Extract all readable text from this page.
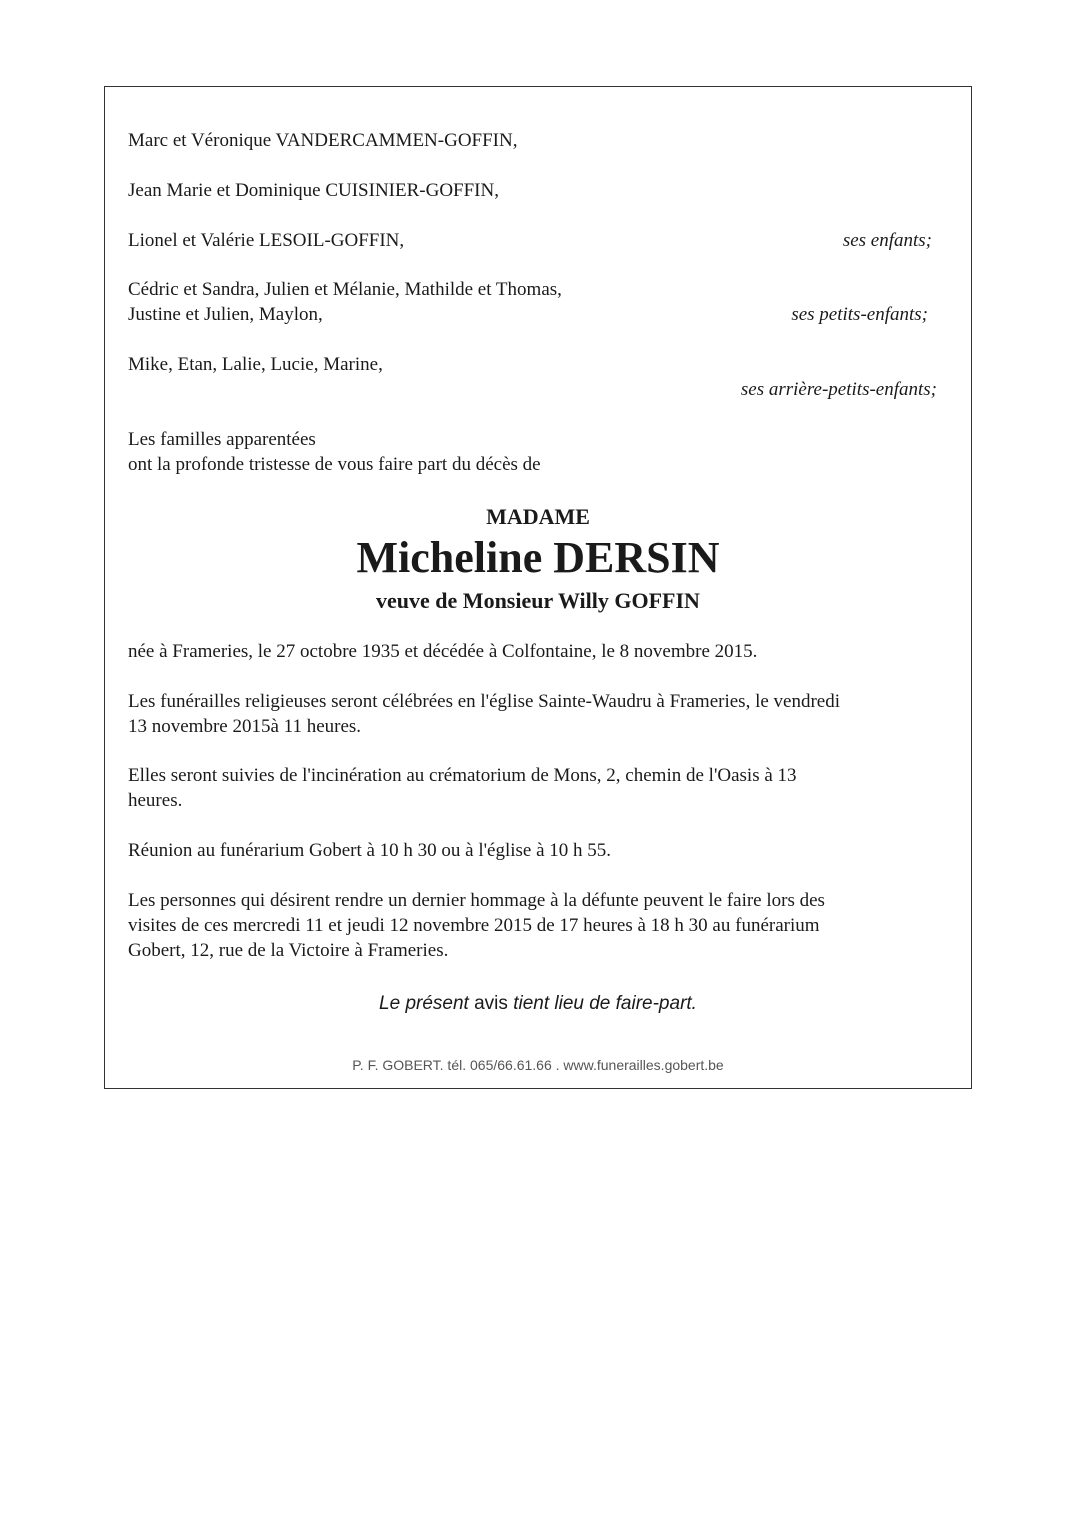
Marc et Véronique VANDERCAMMEN-GOFFIN,
Jean Marie et Dominique CUISINIER-GOFFIN,
Lionel et Valérie LESOIL-GOFFIN,	ses enfants;
Cédric et Sandra, Julien et Mélanie, Mathilde et Thomas,
Justine et Julien, Maylon,	ses petits-enfants;
Mike, Etan, Lalie, Lucie, Marine,
ses arrière-petits-enfants;
Les familles apparentées
ont la profonde tristesse de vous faire part du décès de
MADAME
Micheline DERSIN
veuve de Monsieur Willy GOFFIN
née à Frameries, le 27 octobre 1935 et décédée à Colfontaine, le 8 novembre 2015.
Les funérailles religieuses seront célébrées en l'église Sainte-Waudru à Frameries, le vendredi
13 novembre 2015à 11 heures.
Elles seront suivies de l'incinération au crématorium de Mons, 2, chemin de l'Oasis à 13
heures.
Réunion au funérarium Gobert à 10 h 30 ou à l'église à 10 h 55.
Les personnes qui désirent rendre un dernier hommage à la défunte peuvent le faire lors des
visites de ces mercredi 11 et jeudi 12 novembre 2015 de 17 heures à 18 h 30 au funérarium
Gobert, 12, rue de la Victoire à Frameries.
Le présent avis tient lieu de faire-part.
P. F. GOBERT. tél. 065/66.61.66 . www.funerailles.gobert.be
